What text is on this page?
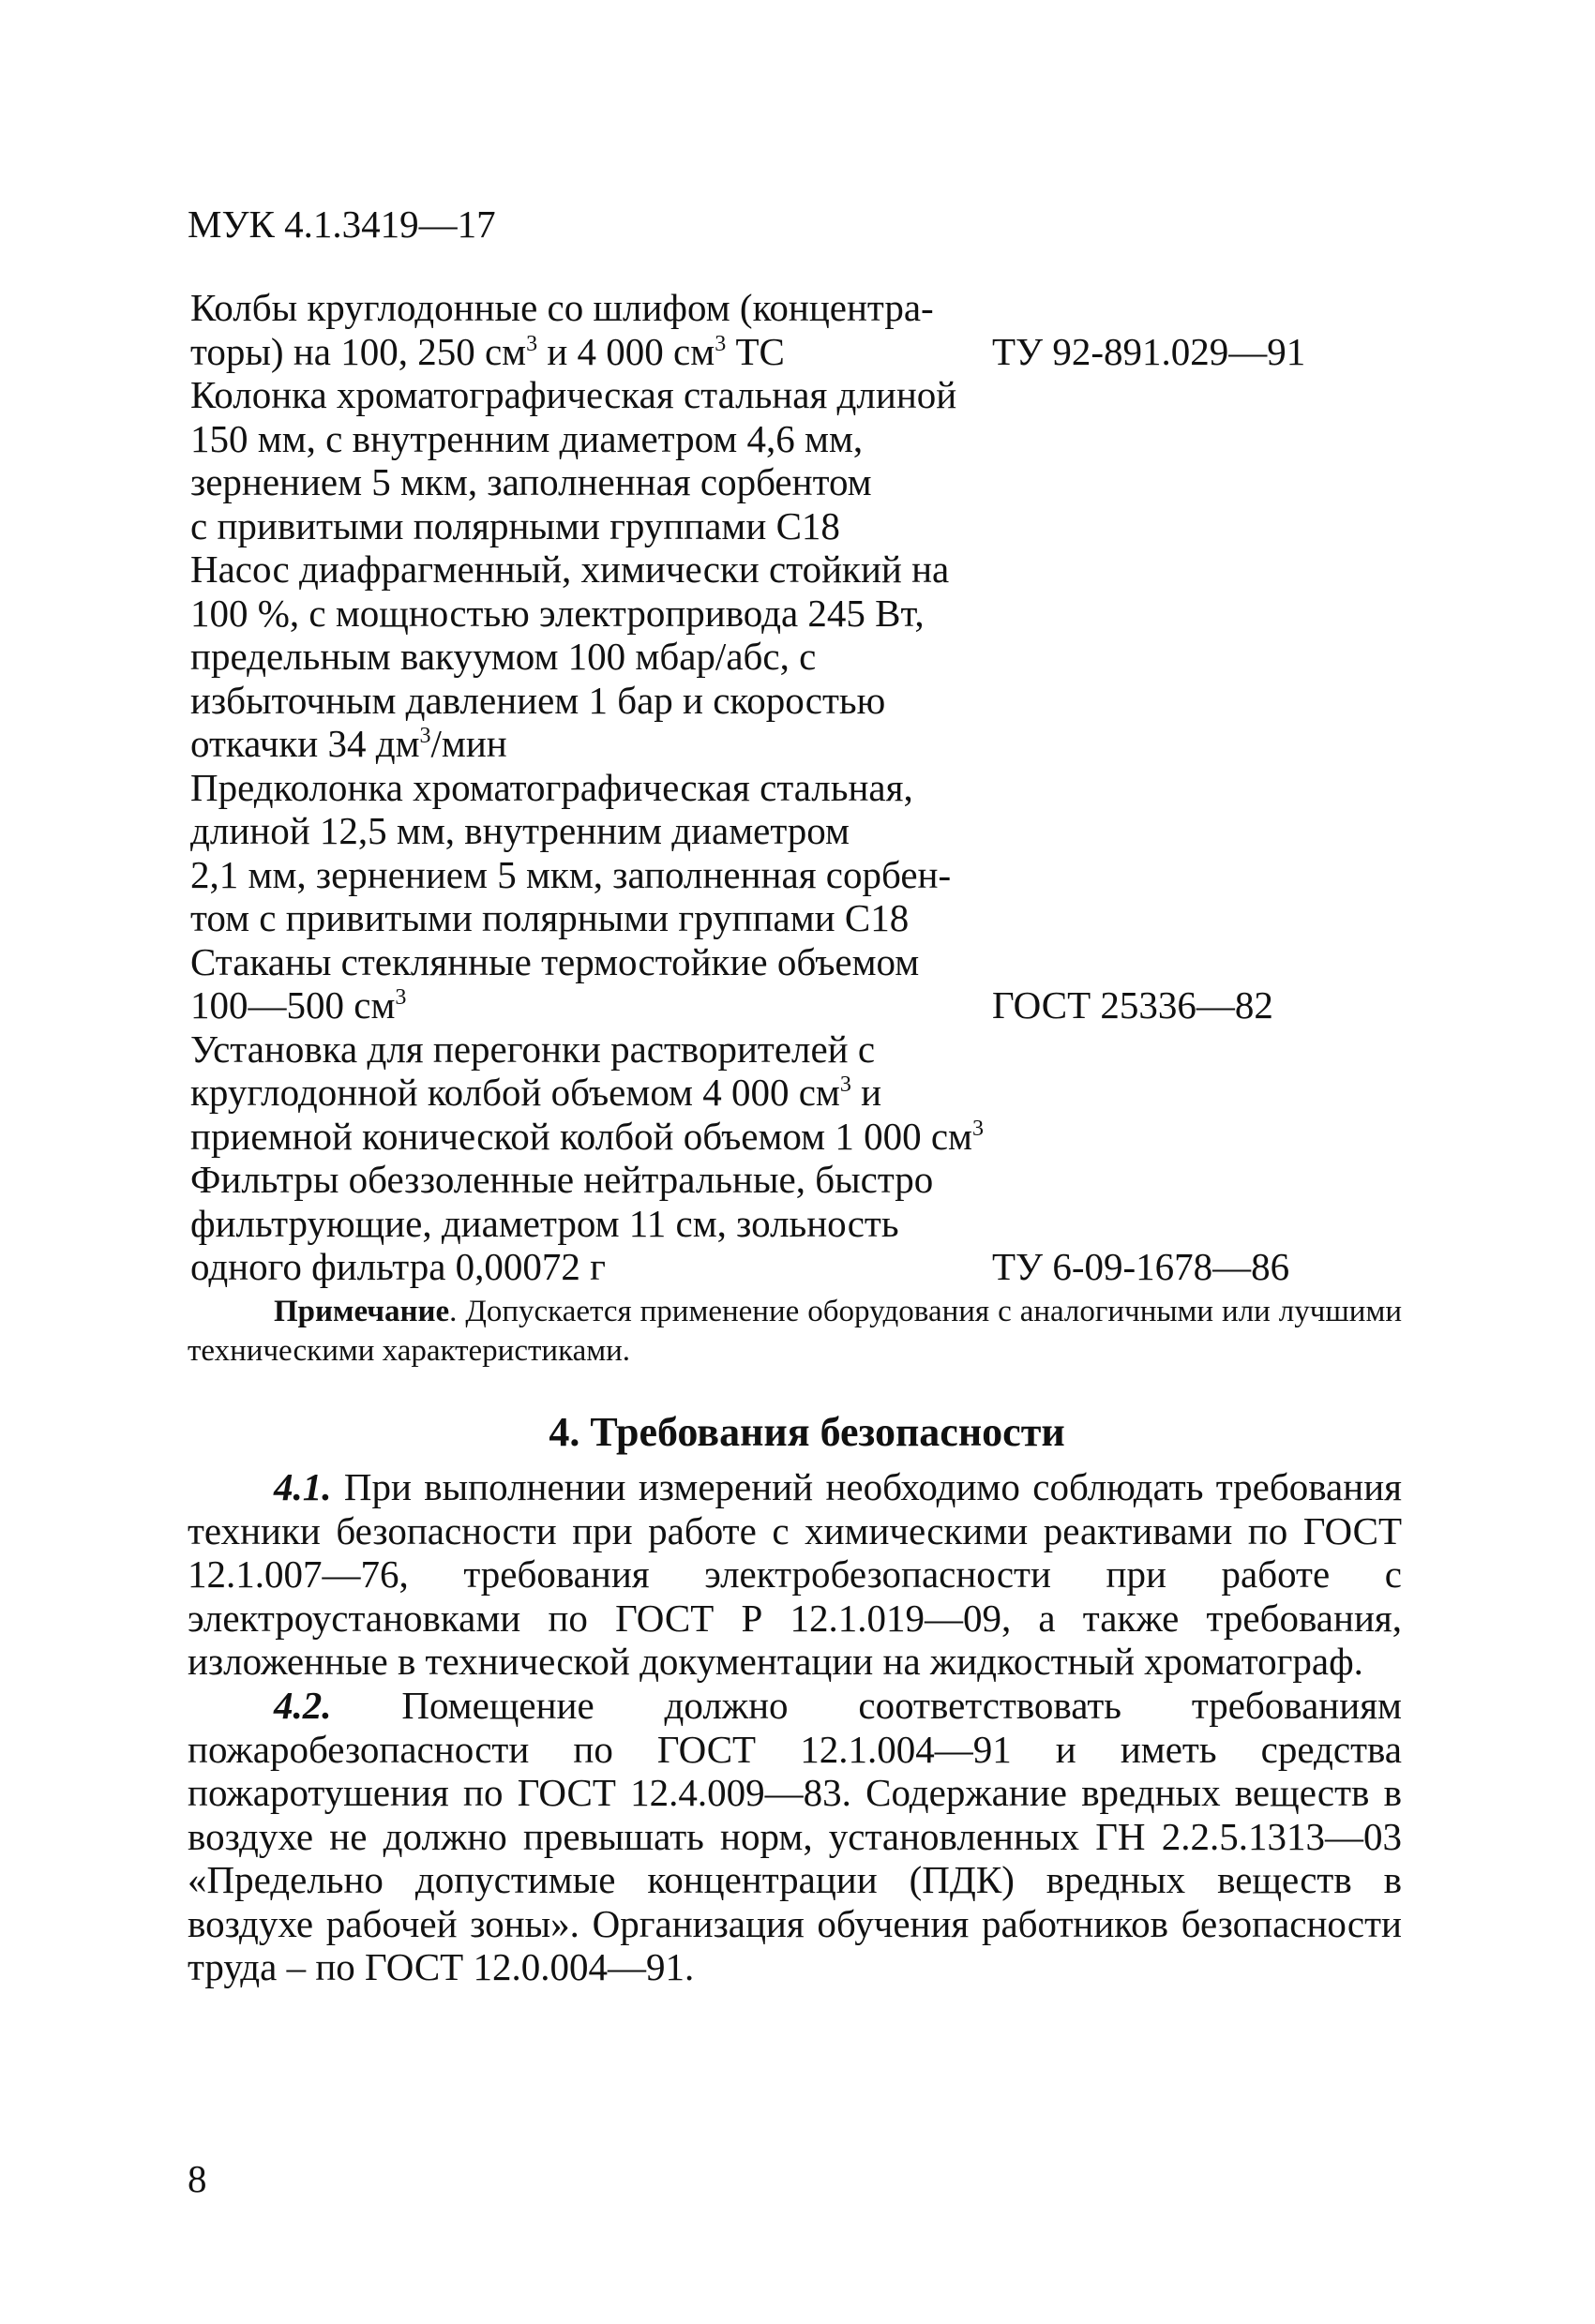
МУК 4.1.3419—17
Колбы круглодонные со шлифом (концентра-
торы) на 100, 250 $см^3$ и 4 000 $см^3$ ТС	ТУ 92-891.029—91
Колонка хроматографическая стальная длиной
150 мм, с внутренним диаметром 4,6 мм,
зернением 5 мкм, заполненная сорбентом
с привитыми полярными группами С18
Насос диафрагменный, химически стойкий на
100 %, с мощностью электропривода 245 Вт,
предельным вакуумом 100 мбар/абс, с
избыточным давлением 1 бар и скоростью
откачки 34 $дм^3$/мин
Предколонка хроматографическая стальная,
длиной 12,5 мм, внутренним диаметром
2,1 мм, зернением 5 мкм, заполненная сорбен-
том с привитыми полярными группами С18
Стаканы стеклянные термостойкие объемом
100—500 $см^3$	ГОСТ 25336—82
Установка для перегонки растворителей с
круглодонной колбой объемом 4 000 $см^3$ и
приемной конической колбой объемом 1 000 $см^3$
Фильтры обеззоленные нейтральные, быстро
фильтрующие, диаметром 11 см, зольность
одного фильтра 0,00072 г	ТУ 6-09-1678—86
Примечание. Допускается применение оборудования с аналогичными или лучшими техническими характеристиками.
4. Требования безопасности
4.1. При выполнении измерений необходимо соблюдать требования техники безопасности при работе с химическими реактивами по ГОСТ 12.1.007—76, требования электробезопасности при работе с электроустановками по ГОСТ Р 12.1.019—09, а также требования, изложенные в технической документации на жидкостный хроматограф.
4.2. Помещение должно соответствовать требованиям пожаробезопасности по ГОСТ 12.1.004—91 и иметь средства пожаротушения по ГОСТ 12.4.009—83. Содержание вредных веществ в воздухе не должно превышать норм, установленных ГН 2.2.5.1313—03 «Предельно допустимые концентрации (ПДК) вредных веществ в воздухе рабочей зоны». Организация обучения работников безопасности труда – по ГОСТ 12.0.004—91.
8
